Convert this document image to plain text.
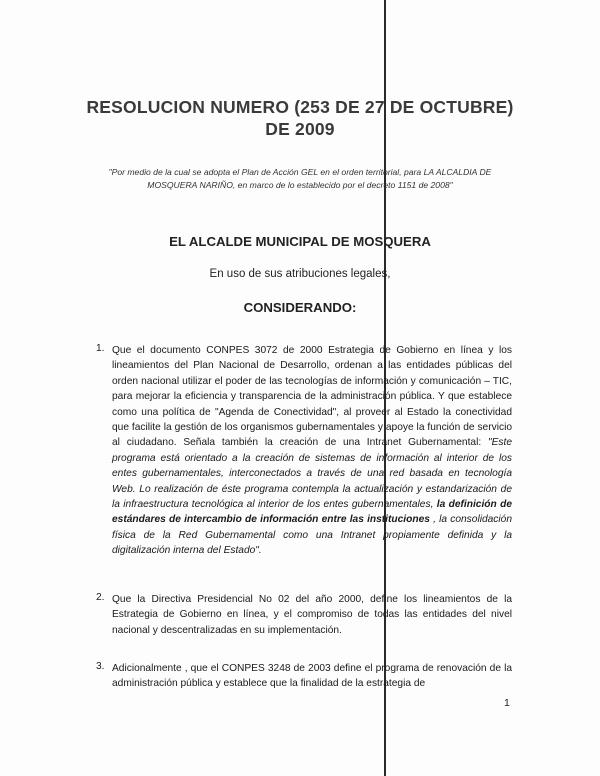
RESOLUCION NUMERO (253 DE 27 DE OCTUBRE)
DE 2009
"Por medio de la cual se adopta el Plan de Acción GEL en el orden territorial, para LA ALCALDIA DE
MOSQUERA NARIÑO, en marco de lo establecido por el decreto 1151 de 2008"
EL ALCALDE MUNICIPAL DE MOSQUERA
En uso de sus atribuciones legales,
CONSIDERANDO:
1. Que el documento CONPES 3072 de 2000 Estrategia de Gobierno en línea y los lineamientos del Plan Nacional de Desarrollo, ordenan a las entidades públicas del orden nacional utilizar el poder de las tecnologías de información y comunicación – TIC, para mejorar la eficiencia y transparencia de la administración pública. Y que establece como una política de "Agenda de Conectividad", al proveer al Estado la conectividad que facilite la gestión de los organismos gubernamentales y apoye la función de servicio al ciudadano. Señala también la creación de una Intranet Gubernamental: "Este programa está orientado a la creación de sistemas de información al interior de los entes gubernamentales, interconectados a través de una red basada en tecnología Web. Lo realización de éste programa contempla la actualización y estandarización de la infraestructura tecnológica al interior de los entes gubernamentales, la definición de estándares de intercambio de información entre las instituciones , la consolidación física de la Red Gubernamental como una Intranet propiamente definida y la digitalización interna del Estado".
2. Que la Directiva Presidencial No 02 del año 2000, define los lineamientos de la Estrategia de Gobierno en línea, y el compromiso de todas las entidades del nivel nacional y descentralizadas en su implementación.
3. Adicionalmente , que el CONPES 3248 de 2003 define el programa de renovación de la administración pública y establece que la finalidad de la estrategia de
1
